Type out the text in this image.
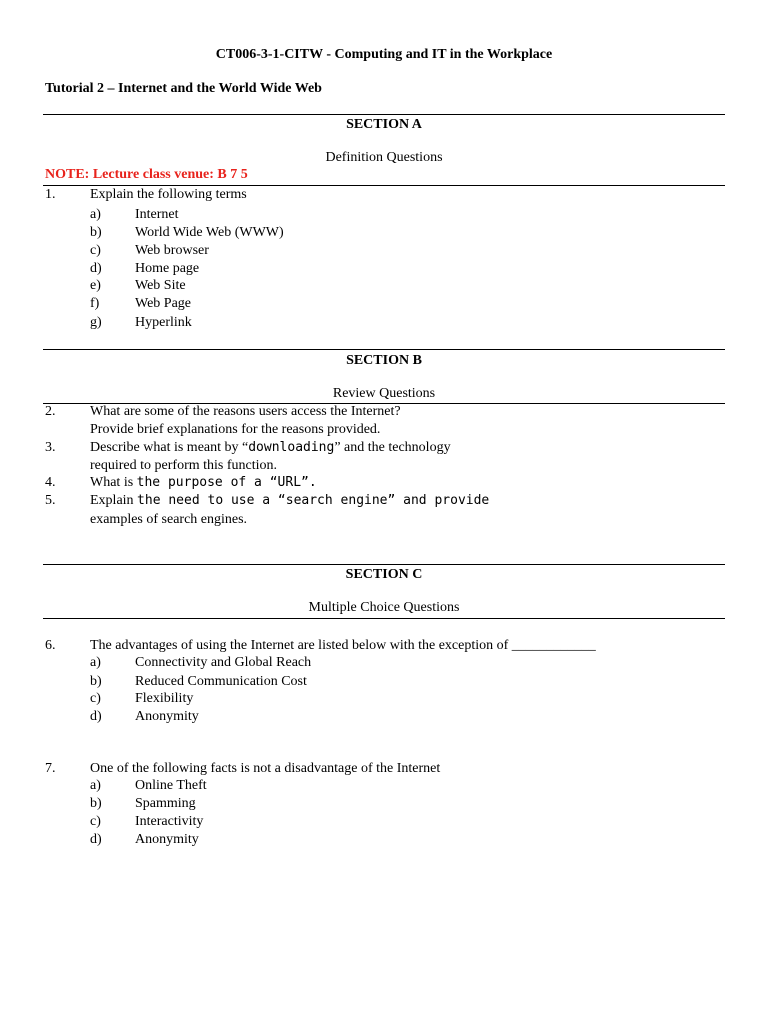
CT006-3-1-CITW - Computing and IT in the Workplace
Tutorial 2 – Internet and the World Wide Web
SECTION A
Definition Questions
NOTE: Lecture class venue: B 7 5
1. Explain the following terms
a) Internet
b) World Wide Web (WWW)
c) Web browser
d) Home page
e) Web Site
f)	Web Page
g) Hyperlink
SECTION B
Review Questions
2. What are some of the reasons users access the Internet?
Provide brief explanations for the reasons provided.
3. Describe what is meant by “downloading” and the technology
required to perform this function.
4. What is the purpose of a “URL”.
5. Explain the need to use a “search engine” and provide
examples of search engines.
SECTION C
Multiple Choice Questions
6. The advantages of using the Internet are listed below with the exception of ____________
a) Connectivity and Global Reach
b) Reduced Communication Cost
c) Flexibility
d) Anonymity
7. One of the following facts is not a disadvantage of the Internet
a) Online Theft
b) Spamming
c) Interactivity
d) Anonymity
